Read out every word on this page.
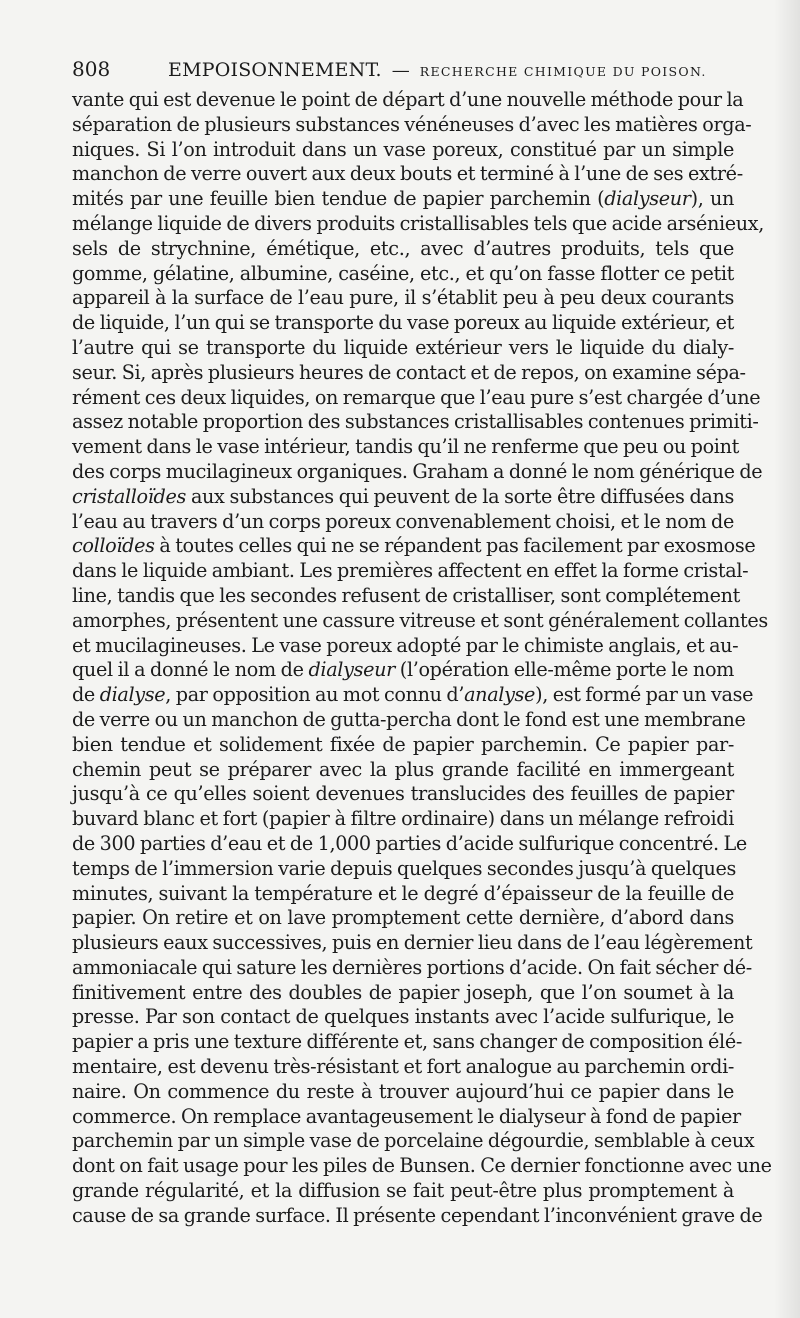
808	EMPOISONNEMENT. — RECHERCHE CHIMIQUE DU POISON.
vante qui est devenue le point de départ d’une nouvelle méthode pour la
séparation de plusieurs substances vénéneuses d’avec les matières orga-
niques. Si l’on introduit dans un vase poreux, constitué par un simple
manchon de verre ouvert aux deux bouts et terminé à l’une de ses extré-
mités par une feuille bien tendue de papier parchemin (dialyseur), un
mélange liquide de divers produits cristallisables tels que acide arsénieux,
sels de strychnine, émétique, etc., avec d’autres produits, tels que
gomme, gélatine, albumine, caséine, etc., et qu’on fasse flotter ce petit
appareil à la surface de l’eau pure, il s’établit peu à peu deux courants
de liquide, l’un qui se transporte du vase poreux au liquide extérieur, et
l’autre qui se transporte du liquide extérieur vers le liquide du dialy-
seur. Si, après plusieurs heures de contact et de repos, on examine sépa-
rément ces deux liquides, on remarque que l’eau pure s’est chargée d’une
assez notable proportion des substances cristallisables contenues primiti-
vement dans le vase intérieur, tandis qu’il ne renferme que peu ou point
des corps mucilagineux organiques. Graham a donné le nom générique de
cristalloïdes aux substances qui peuvent de la sorte être diffusées dans
l’eau au travers d’un corps poreux convenablement choisi, et le nom de
colloïdes à toutes celles qui ne se répandent pas facilement par exosmose
dans le liquide ambiant. Les premières affectent en effet la forme cristal-
line, tandis que les secondes refusent de cristalliser, sont complétement
amorphes, présentent une cassure vitreuse et sont généralement collantes
et mucilagineuses. Le vase poreux adopté par le chimiste anglais, et au-
quel il a donné le nom de dialyseur (l’opération elle-même porte le nom
de dialyse, par opposition au mot connu d’analyse), est formé par un vase
de verre ou un manchon de gutta-percha dont le fond est une membrane
bien tendue et solidement fixée de papier parchemin. Ce papier par-
chemin peut se préparer avec la plus grande facilité en immergeant
jusqu’à ce qu’elles soient devenues translucides des feuilles de papier
buvard blanc et fort (papier à filtre ordinaire) dans un mélange refroidi
de 300 parties d’eau et de 1,000 parties d’acide sulfurique concentré. Le
temps de l’immersion varie depuis quelques secondes jusqu’à quelques
minutes, suivant la température et le degré d’épaisseur de la feuille de
papier. On retire et on lave promptement cette dernière, d’abord dans
plusieurs eaux successives, puis en dernier lieu dans de l’eau légèrement
ammoniacale qui sature les dernières portions d’acide. On fait sécher dé-
finitivement entre des doubles de papier joseph, que l’on soumet à la
presse. Par son contact de quelques instants avec l’acide sulfurique, le
papier a pris une texture différente et, sans changer de composition élé-
mentaire, est devenu très-résistant et fort analogue au parchemin ordi-
naire. On commence du reste à trouver aujourd’hui ce papier dans le
commerce. On remplace avantageusement le dialyseur à fond de papier
parchemin par un simple vase de porcelaine dégourdie, semblable à ceux
dont on fait usage pour les piles de Bunsen. Ce dernier fonctionne avec une
grande régularité, et la diffusion se fait peut-être plus promptement à
cause de sa grande surface. Il présente cependant l’inconvénient grave de
